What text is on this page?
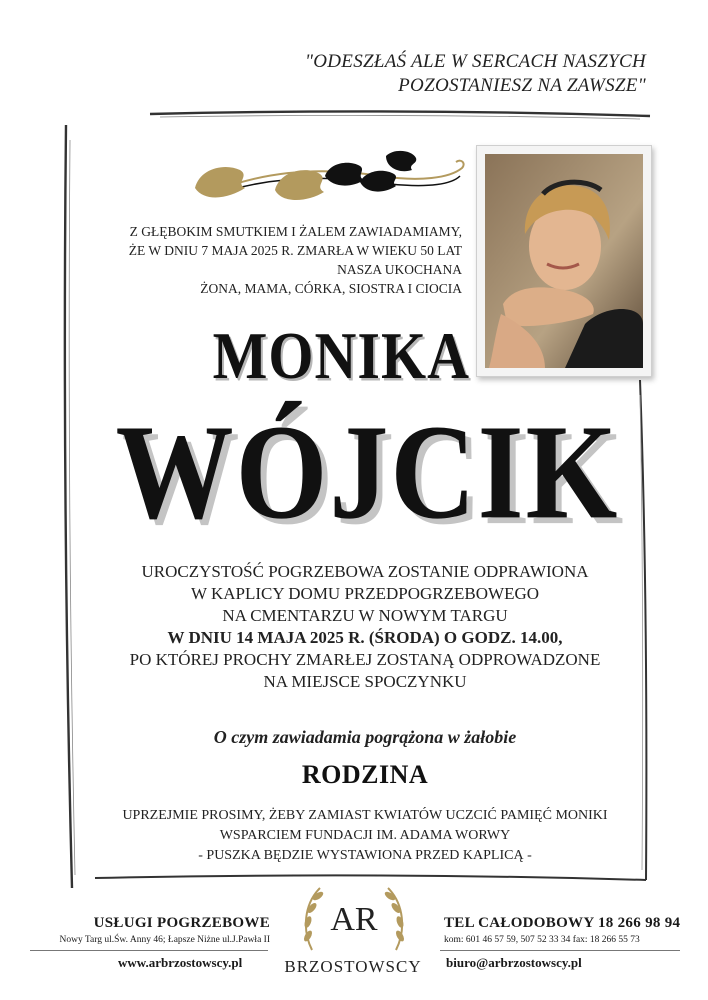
"ODESZŁAŚ ALE W SERCACH NASZYCH
POZOSTANIESZ NA ZAWSZE"
Z GŁĘBOKIM SMUTKIEM I ŻALEM ZAWIADAMIAMY,
ŻE W DNIU 7 MAJA 2025 R. ZMARŁA W WIEKU 50 LAT
NASZA UKOCHANA
ŻONA, MAMA, CÓRKA, SIOSTRA I CIOCIA
MONIKA
WÓJCIK
UROCZYSTOŚĆ POGRZEBOWA ZOSTANIE ODPRAWIONA
W KAPLICY DOMU PRZEDPOGRZEBOWEGO
NA CMENTARZU W NOWYM TARGU
W DNIU 14 MAJA 2025 R. (ŚRODA) O GODZ. 14.00,
PO KTÓREJ PROCHY ZMARŁEJ ZOSTANĄ ODPROWADZONE
NA MIEJSCE SPOCZYNKU
O czym zawiadamia pogrążona w żałobie
RODZINA
UPRZEJMIE PROSIMY, ŻEBY ZAMIAST KWIATÓW UCZCIĆ PAMIĘĆ MONIKI
WSPARCIEM FUNDACJI IM. ADAMA WORWY
- PUSZKA BĘDZIE WYSTAWIONA PRZED KAPLICĄ -
USŁUGI POGRZEBOWE
Nowy Targ ul.Św. Anny 46; Łapsze Niżne ul.J.Pawła II
www.arbrzostowscy.pl
AR
BRZOSTOWSCY
TEL CAŁODOBOWY 18 266 98 94
kom: 601 46 57 59, 507 52 33 34 fax: 18 266 55 73
biuro@arbrzostowscy.pl
